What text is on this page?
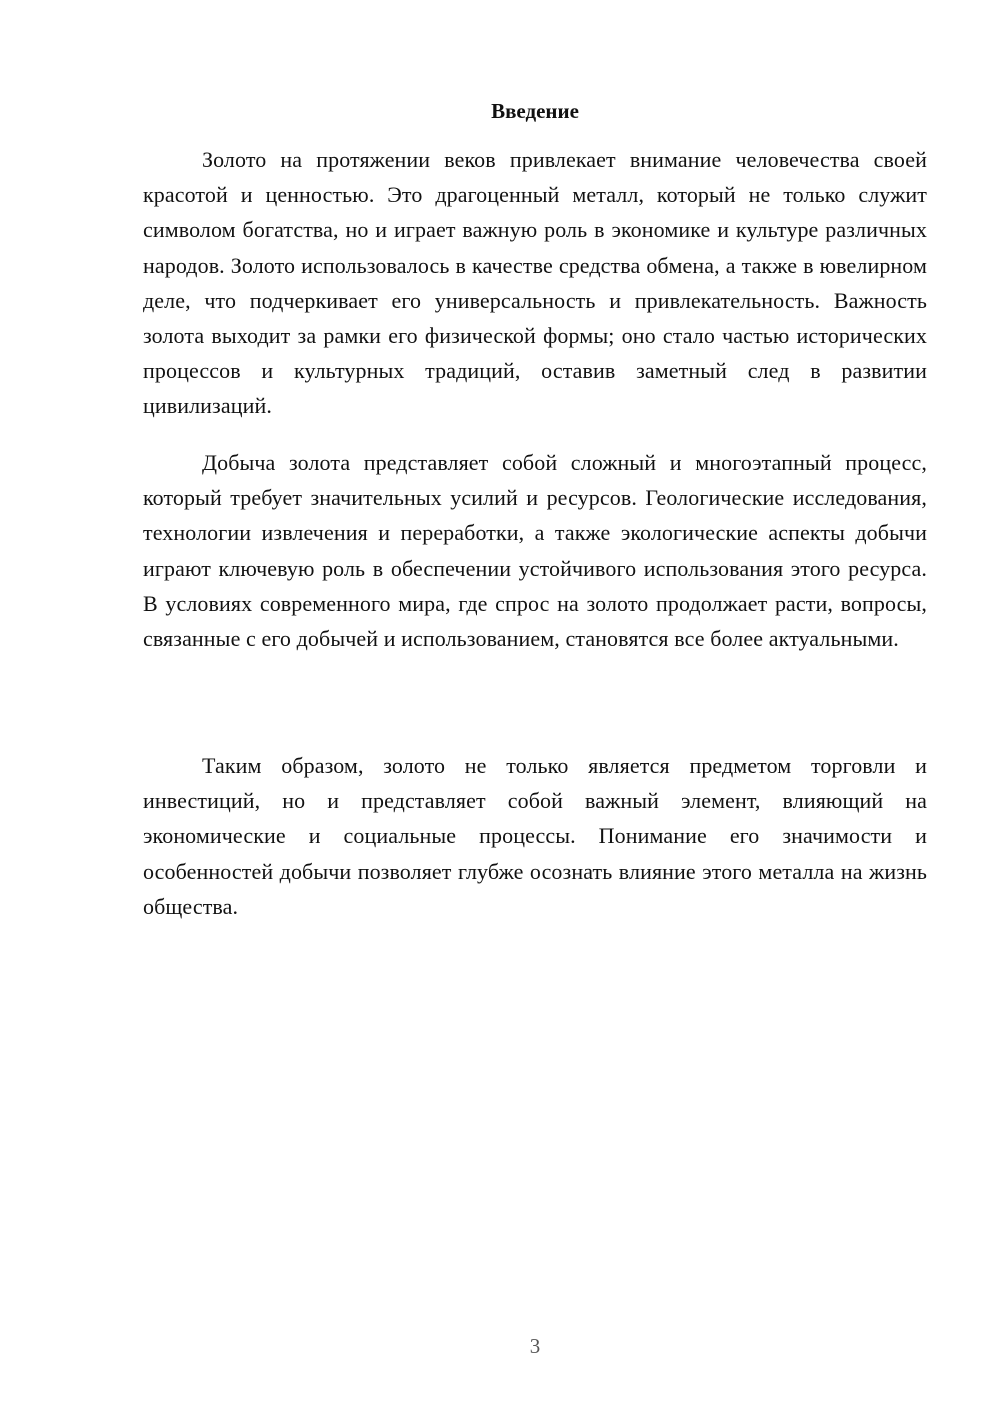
Введение

Золото на протяжении веков привлекает внимание человечества своей красотой и ценностью. Это драгоценный металл, который не только служит символом богатства, но и играет важную роль в экономике и культуре различных народов. Золото использовалось в качестве средства обмена, а также в ювелирном деле, что подчеркивает его универсальность и привлекательность. Важность золота выходит за рамки его физической формы; оно стало частью исторических процессов и культурных традиций, оставив заметный след в развитии цивилизаций.

Добыча золота представляет собой сложный и многоэтапный процесс, который требует значительных усилий и ресурсов. Геологические исследования, технологии извлечения и переработки, а также экологические аспекты добычи играют ключевую роль в обеспечении устойчивого использования этого ресурса. В условиях современного мира, где спрос на золото продолжает расти, вопросы, связанные с его добычей и использованием, становятся все более актуальными.

Таким образом, золото не только является предметом торговли и инвестиций, но и представляет собой важный элемент, влияющий на экономические и социальные процессы. Понимание его значимости и особенностей добычи позволяет глубже осознать влияние этого металла на жизнь общества.

3
